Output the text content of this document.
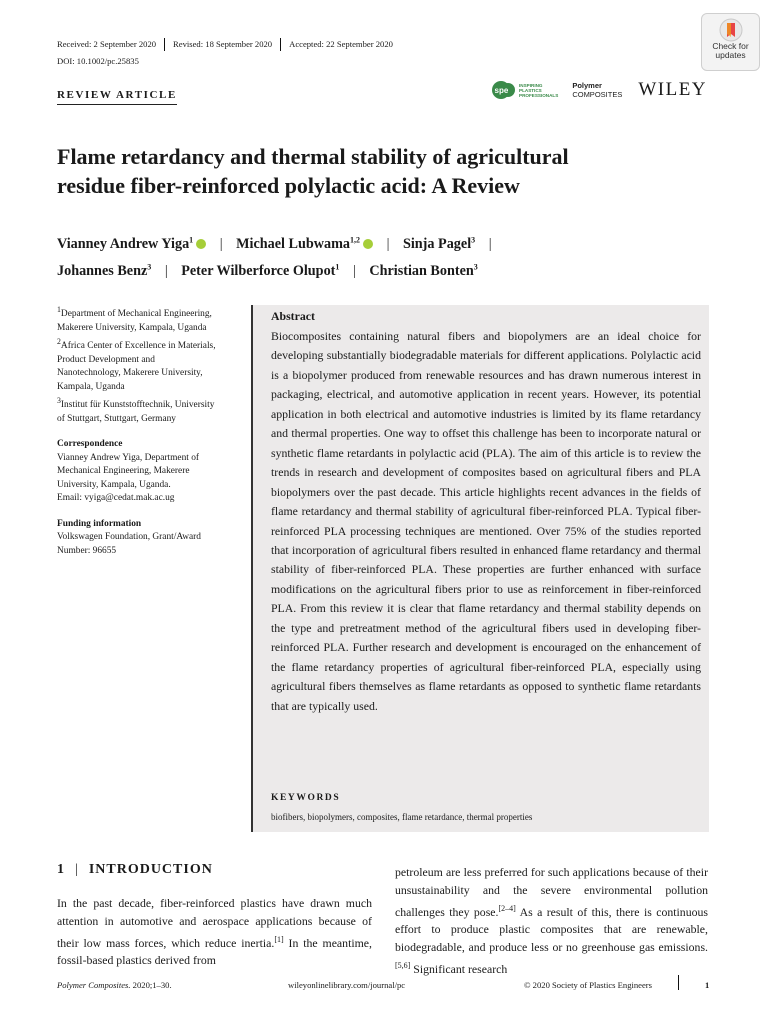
Received: 2 September 2020	Revised: 18 September 2020	Accepted: 22 September 2020
DOI: 10.1002/pc.25835
REVIEW ARTICLE
Check for
updates
spe
INSPIRING
PLASTICS
PROFESSIONALS
Polymer
COMPOSITES WILEY
Flame retardancy and thermal stability of agricultural
residue fiber-reinforced polylactic acid: A Review
Vianney Andrew Yiga$^1$ | Michael Lubwama$^{1,2}$ | Sinja Pagel$^3$ |
Johannes Benz$^3$ | Peter Wilberforce Olupot$^1$ | Christian Bonten$^3$

$^1$Department of Mechanical Engineering,
Makerere University, Kampala, Uganda

$^2$Africa Center of Excellence in Materials,
Product Development and
Nanotechnology, Makerere University,
Kampala, Uganda

$^3$Institut für Kunststofftechnik, University
of Stuttgart, Stuttgart, Germany

Correspondence

Vianney Andrew Yiga, Department of
Mechanical Engineering, Makerere
University, Kampala, Uganda.
Email: vyiga@cedat.mak.ac.ug

Funding information

Volkswagen Foundation, Grant/Award
Number: 96655

Abstract
Biocomposites containing natural fibers and biopolymers are an ideal choice for developing substantially biodegradable materials for different applications. Polylactic acid is a biopolymer produced from renewable resources and has drawn numerous interest in packaging, electrical, and automotive application in recent years. However, its potential application in both electrical and automotive industries is limited by its flame retardancy and thermal properties. One way to offset this challenge has been to incorporate natural or synthetic flame retardants in polylactic acid (PLA). The aim of this article is to review the trends in research and development of composites based on agricultural fibers and PLA biopolymers over the past decade. This article highlights recent advances in the fields of flame retardancy and thermal stability of agricultural fiber-reinforced PLA. Typical fiber-reinforced PLA processing techniques are mentioned. Over 75% of the studies reported that incorporation of agricultural fibers resulted in enhanced flame retardancy and thermal stability of fiber-reinforced PLA. These properties are further enhanced with surface modifications on the agricultural fibers prior to use as reinforcement in fiber-reinforced PLA. From this review it is clear that flame retardancy and thermal stability depends on the type and pretreatment method of the agricultural fibers used in developing fiber-reinforced PLA. Further research and development is encouraged on the enhancement of the flame retardancy properties of agricultural fiber-reinforced PLA, especially using agricultural fibers themselves as flame retardants as opposed to synthetic flame retardants that are typically used.
KEYWORDS
biofibers, biopolymers, composites, flame retardance, thermal properties
1 | INTRODUCTION
In the past decade, fiber-reinforced plastics have drawn much attention in automotive and aerospace applications because of their low mass forces, which reduce inertia.[1] In the meantime, fossil-based plastics derived from
petroleum are less preferred for such applications because of their unsustainability and the severe environmental pollution challenges they pose.[2–4] As a result of this, there is continuous effort to produce plastic composites that are renewable, biodegradable, and produce less or no greenhouse gas emissions.[5,6] Significant research
Polymer Composites. 2020;1–30.	wileyonlinelibrary.com/journal/pc	© 2020 Society of Plastics Engineers	1
